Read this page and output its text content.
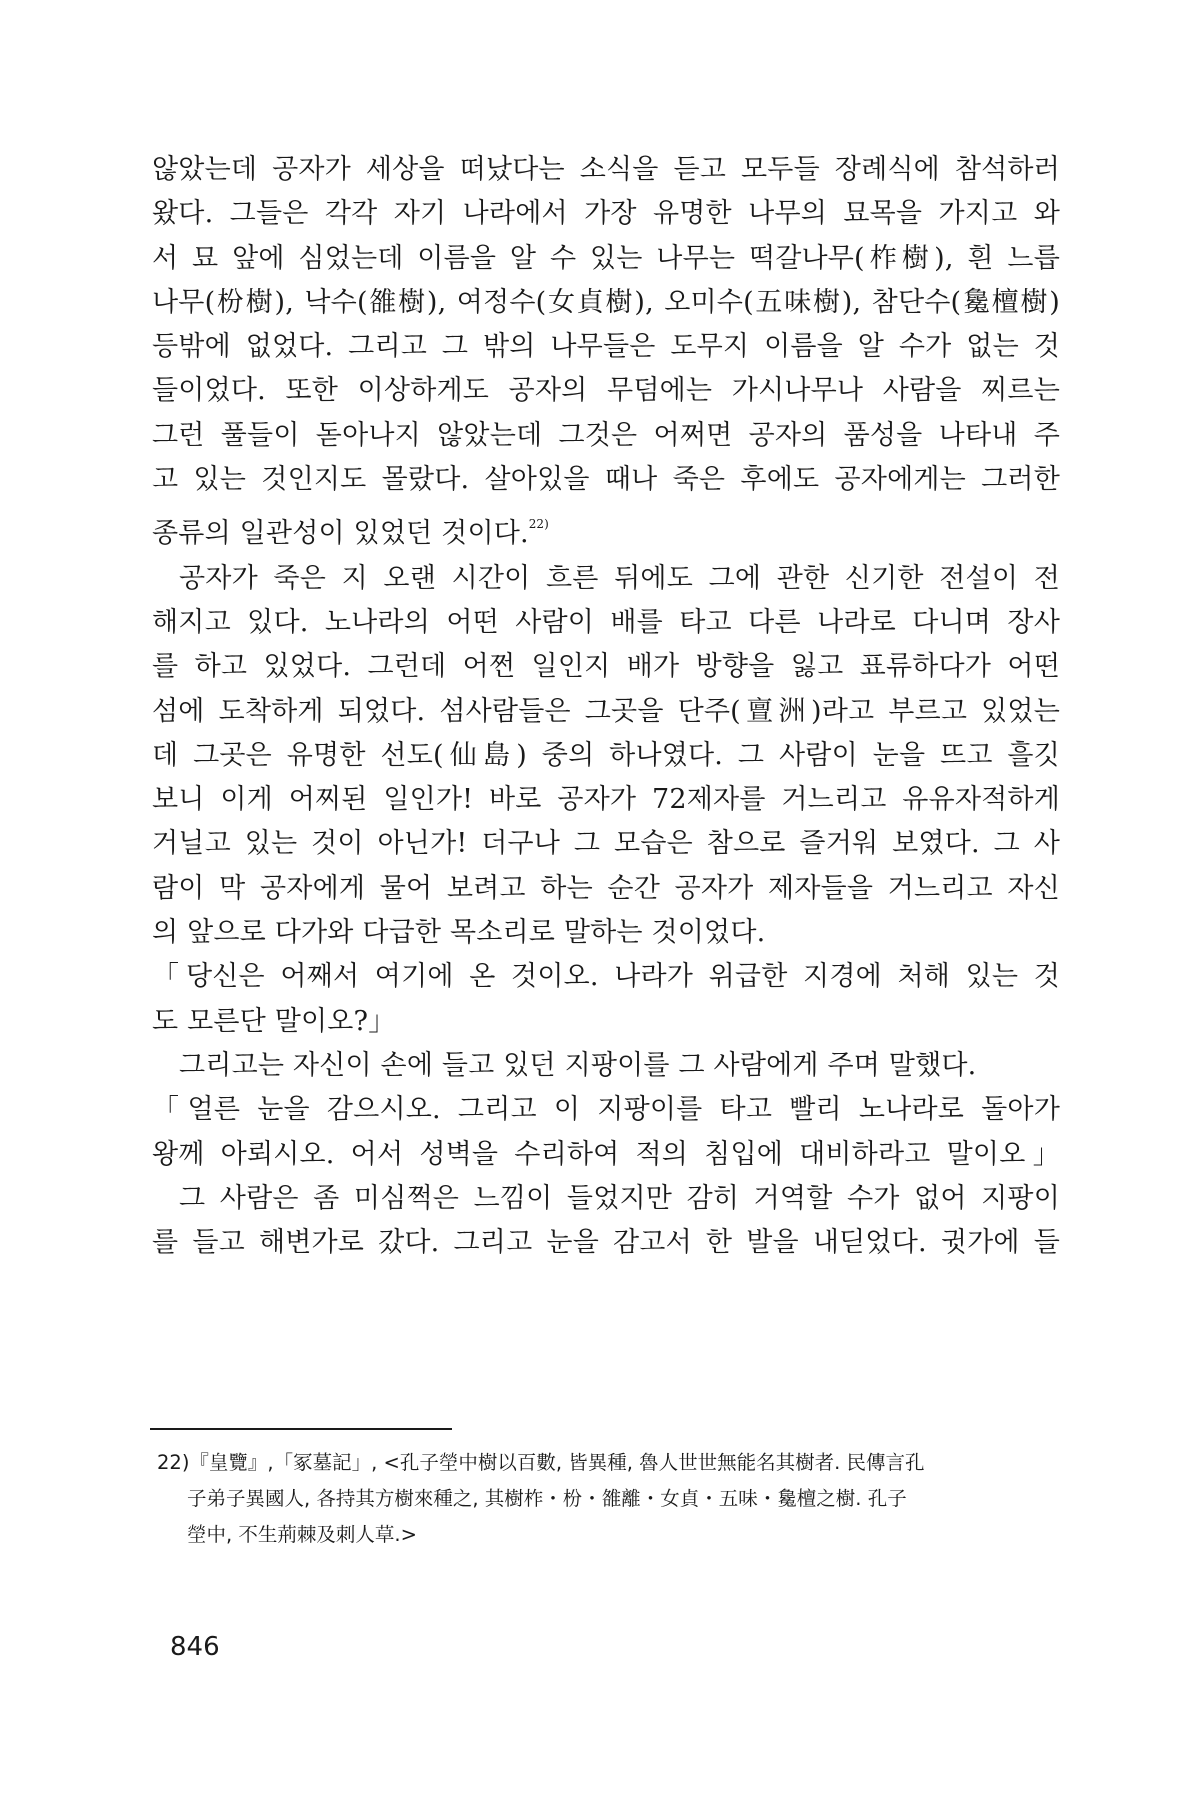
않았는데 공자가 세상을 떠났다는 소식을 듣고 모두들 장례식에 참석하러
왔다. 그들은 각각 자기 나라에서 가장 유명한 나무의 묘목을 가지고 와
서 묘 앞에 심었는데 이름을 알 수 있는 나무는 떡갈나무(柞樹), 흰 느릅
나무(枌樹), 낙수(雒樹), 여정수(女貞樹), 오미수(五味樹), 참단수(毚檀樹)
등밖에 없었다. 그리고 그 밖의 나무들은 도무지 이름을 알 수가 없는 것
들이었다. 또한 이상하게도 공자의 무덤에는 가시나무나 사람을 찌르는
그런 풀들이 돋아나지 않았는데 그것은 어쩌면 공자의 품성을 나타내 주
고 있는 것인지도 몰랐다. 살아있을 때나 죽은 후에도 공자에게는 그러한
종류의 일관성이 있었던 것이다.$^{22)}$
공자가 죽은 지 오랜 시간이 흐른 뒤에도 그에 관한 신기한 전설이 전
해지고 있다. 노나라의 어떤 사람이 배를 타고 다른 나라로 다니며 장사
를 하고 있었다. 그런데 어쩐 일인지 배가 방향을 잃고 표류하다가 어떤
섬에 도착하게 되었다. 섬사람들은 그곳을 단주(亶洲)라고 부르고 있었는
데 그곳은 유명한 선도(仙島) 중의 하나였다. 그 사람이 눈을 뜨고 흘깃
보니 이게 어찌된 일인가! 바로 공자가 72제자를 거느리고 유유자적하게
거닐고 있는 것이 아닌가! 더구나 그 모습은 참으로 즐거워 보였다. 그 사
람이 막 공자에게 물어 보려고 하는 순간 공자가 제자들을 거느리고 자신
의 앞으로 다가와 다급한 목소리로 말하는 것이었다.
「당신은 어째서 여기에 온 것이오. 나라가 위급한 지경에 처해 있는 것
도 모른단 말이오?」
그리고는 자신이 손에 들고 있던 지팡이를 그 사람에게 주며 말했다.
「얼른 눈을 감으시오. 그리고 이 지팡이를 타고 빨리 노나라로 돌아가
왕께 아뢰시오. 어서 성벽을 수리하여 적의 침입에 대비하라고 말이오」
그 사람은 좀 미심쩍은 느낌이 들었지만 감히 거역할 수가 없어 지팡이
를 들고 해변가로 갔다. 그리고 눈을 감고서 한 발을 내딛었다. 귓가에 들
22)『皇覽』,「冢墓記」, <孔子塋中樹以百數, 皆異種, 魯人世世無能名其樹者. 民傳言孔
子弟子異國人, 各持其方樹來種之, 其樹柞・枌・雒離・女貞・五味・毚檀之樹. 孔子
塋中, 不生荊棘及刺人草.>
846
